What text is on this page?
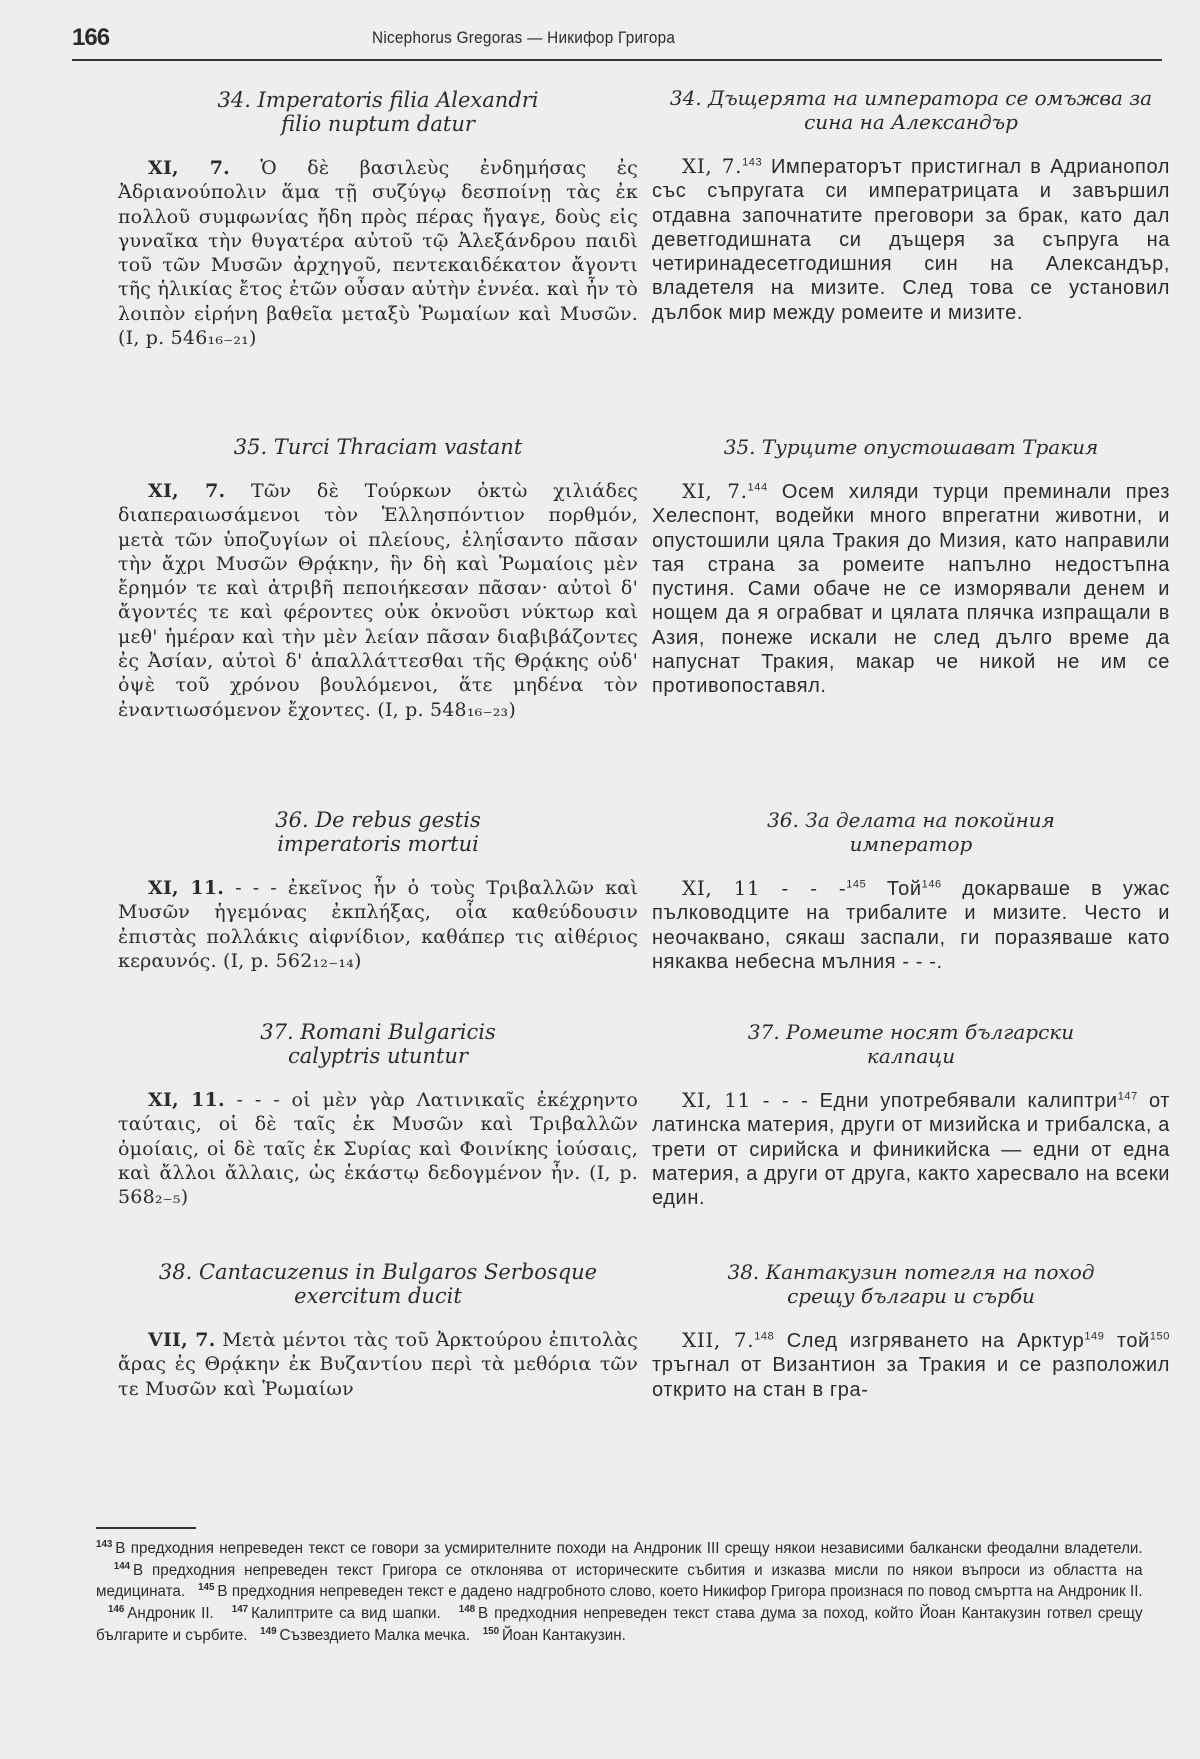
166	Nicephorus Gregoras — Никифор Григора

34. Imperatoris filia Alexandri filio nuptum datur

XI, 7. Ὁ δὲ βασιλεὺς ἐνδημήσας ἐς Ἀδριανούπολιν ἅμα τῇ συζύγῳ δεσποίνῃ τὰς ἐκ πολλοῦ συμφωνίας ἤδη πρὸς πέρας ἤγαγε, δοὺς εἰς γυναῖκα τὴν θυγατέρα αὐτοῦ τῷ Ἀλεξάνδρου παιδὶ τοῦ τῶν Μυσῶν ἀρχηγοῦ, πεντεκαιδέκατον ἄγοντι τῆς ἡλικίας ἔτος ἐτῶν οὖσαν αὐτὴν ἐννέα. καὶ ἦν τὸ λοιπὸν εἰρήνη βαθεῖα μεταξὺ Ῥωμαίων καὶ Μυσῶν. (I, p. 546₁₆₋₂₁)

35. Turci Thraciam vastant

XI, 7. Τῶν δὲ Τούρκων ὀκτὼ χιλιάδες διαπεραιωσάμενοι τὸν Ἑλλησπόντιον πορθμόν, μετὰ τῶν ὑποζυγίων οἱ πλείους, ἐληΐσαντο πᾶσαν τὴν ἄχρι Μυσῶν Θρᾴκην, ἣν δὴ καὶ Ῥωμαίοις μὲν ἔρημόν τε καὶ ἀτριβῆ πεποιήκεσαν πᾶσαν· αὐτοὶ δ' ἄγοντές τε καὶ φέροντες οὐκ ὀκνοῦσι νύκτωρ καὶ μεθ' ἡμέραν καὶ τὴν μὲν λείαν πᾶσαν διαβιβάζοντες ἐς Ἀσίαν, αὐτοὶ δ' ἀπαλλάττεσθαι τῆς Θρᾴκης οὐδ' ὀψὲ τοῦ χρόνου βουλόμενοι, ἅτε μηδένα τὸν ἐναντιωσόμενον ἔχοντες. (I, p. 548₁₆₋₂₃)

36. De rebus gestis imperatoris mortui

XI, 11. - - - ἐκεῖνος ἦν ὁ τοὺς Τριβαλλῶν καὶ Μυσῶν ἡγεμόνας ἐκπλήξας, οἷα καθεύδουσιν ἐπιστὰς πολλάκις αἰφνίδιον, καθάπερ τις αἰθέριος κεραυνός. (I, p. 562₁₂₋₁₄)

37. Romani Bulgaricis calyptris utuntur

XI, 11. - - - οἱ μὲν γὰρ Λατινικαῖς ἐκέχρηντο ταύταις, οἱ δὲ ταῖς ἐκ Μυσῶν καὶ Τριβαλλῶν ὁμοίαις, οἱ δὲ ταῖς ἐκ Συρίας καὶ Φοινίκης ἰούσαις, καὶ ἄλλοι ἄλλαις, ὡς ἑκάστῳ δεδογμένον ἦν. (I, p. 568₂₋₅)

38. Cantacuzenus in Bulgaros Serbosque exercitum ducit

VII, 7. Μετὰ μέντοι τὰς τοῦ Ἀρκτούρου ἐπιτολὰς ἄρας ἐς Θρᾴκην ἐκ Βυζαντίου περὶ τὰ μεθόρια τῶν τε Μυσῶν καὶ Ῥωμαίων

34. Дъщерята на императора се омъжва за сина на Александър

XI, 7.$^{143}$ Императорът пристигнал в Адрианопол със съпругата си императрицата и завършил отдавна започнатите преговори за брак, като дал деветгодишната си дъщеря за съпруга на четиринадесетгодишния син на Александър, владетеля на мизите. След това се установил дълбок мир между ромеите и мизите.

35. Турците опустошават Тракия

XI, 7.$^{144}$ Осем хиляди турци преминали през Хелеспонт, водейки много впрегатни животни, и опустошили цяла Тракия до Мизия, като направили тая страна за ромеите напълно недостъпна пустиня. Сами обаче не се изморявали денем и нощем да я ограбват и цялата плячка изпращали в Азия, понеже искали не след дълго време да напуснат Тракия, макар че никой не им се противопоставял.

36. За делата на покойния император

XI, 11 - - -$^{145}$ Той$^{146}$ докарваше в ужас пълководците на трибалите и мизите. Често и неочаквано, сякаш заспали, ги поразяваше като някаква небесна мълния - - -.

37. Ромеите носят български калпаци

XI, 11 - - - Едни употребявали калиптри$^{147}$ от латинска материя, други от мизийска и трибалска, а трети от сирийска и финикийска — едни от една материя, а други от друга, както харесвало на всеки един.

38. Кантакузин потегля на поход срещу българи и сърби

XII, 7.$^{148}$ След изгряването на Арктур$^{149}$ той$^{150}$ тръгнал от Византион за Тракия и се разположил открито на стан в гра-

$^{143}$ В предходния непреведен текст се говори за усмирителните походи на Андроник III срещу някои независими балкански феодални владетели. $^{144}$ В предходния непреведен текст Григора се отклонява от историческите събития и изказва мисли по някои въпроси из областта на медицината. $^{145}$ В предходния непреведен текст е дадено надгробното слово, което Никифор Григора произнася по повод смъртта на Андроник II. $^{146}$ Андроник II. $^{147}$ Калиптрите са вид шапки. $^{148}$ В предходния непреведен текст става дума за поход, който Йоан Кантакузин готвел срещу българите и сърбите. $^{149}$ Съзвездието Малка мечка. $^{150}$ Йоан Кантакузин.
